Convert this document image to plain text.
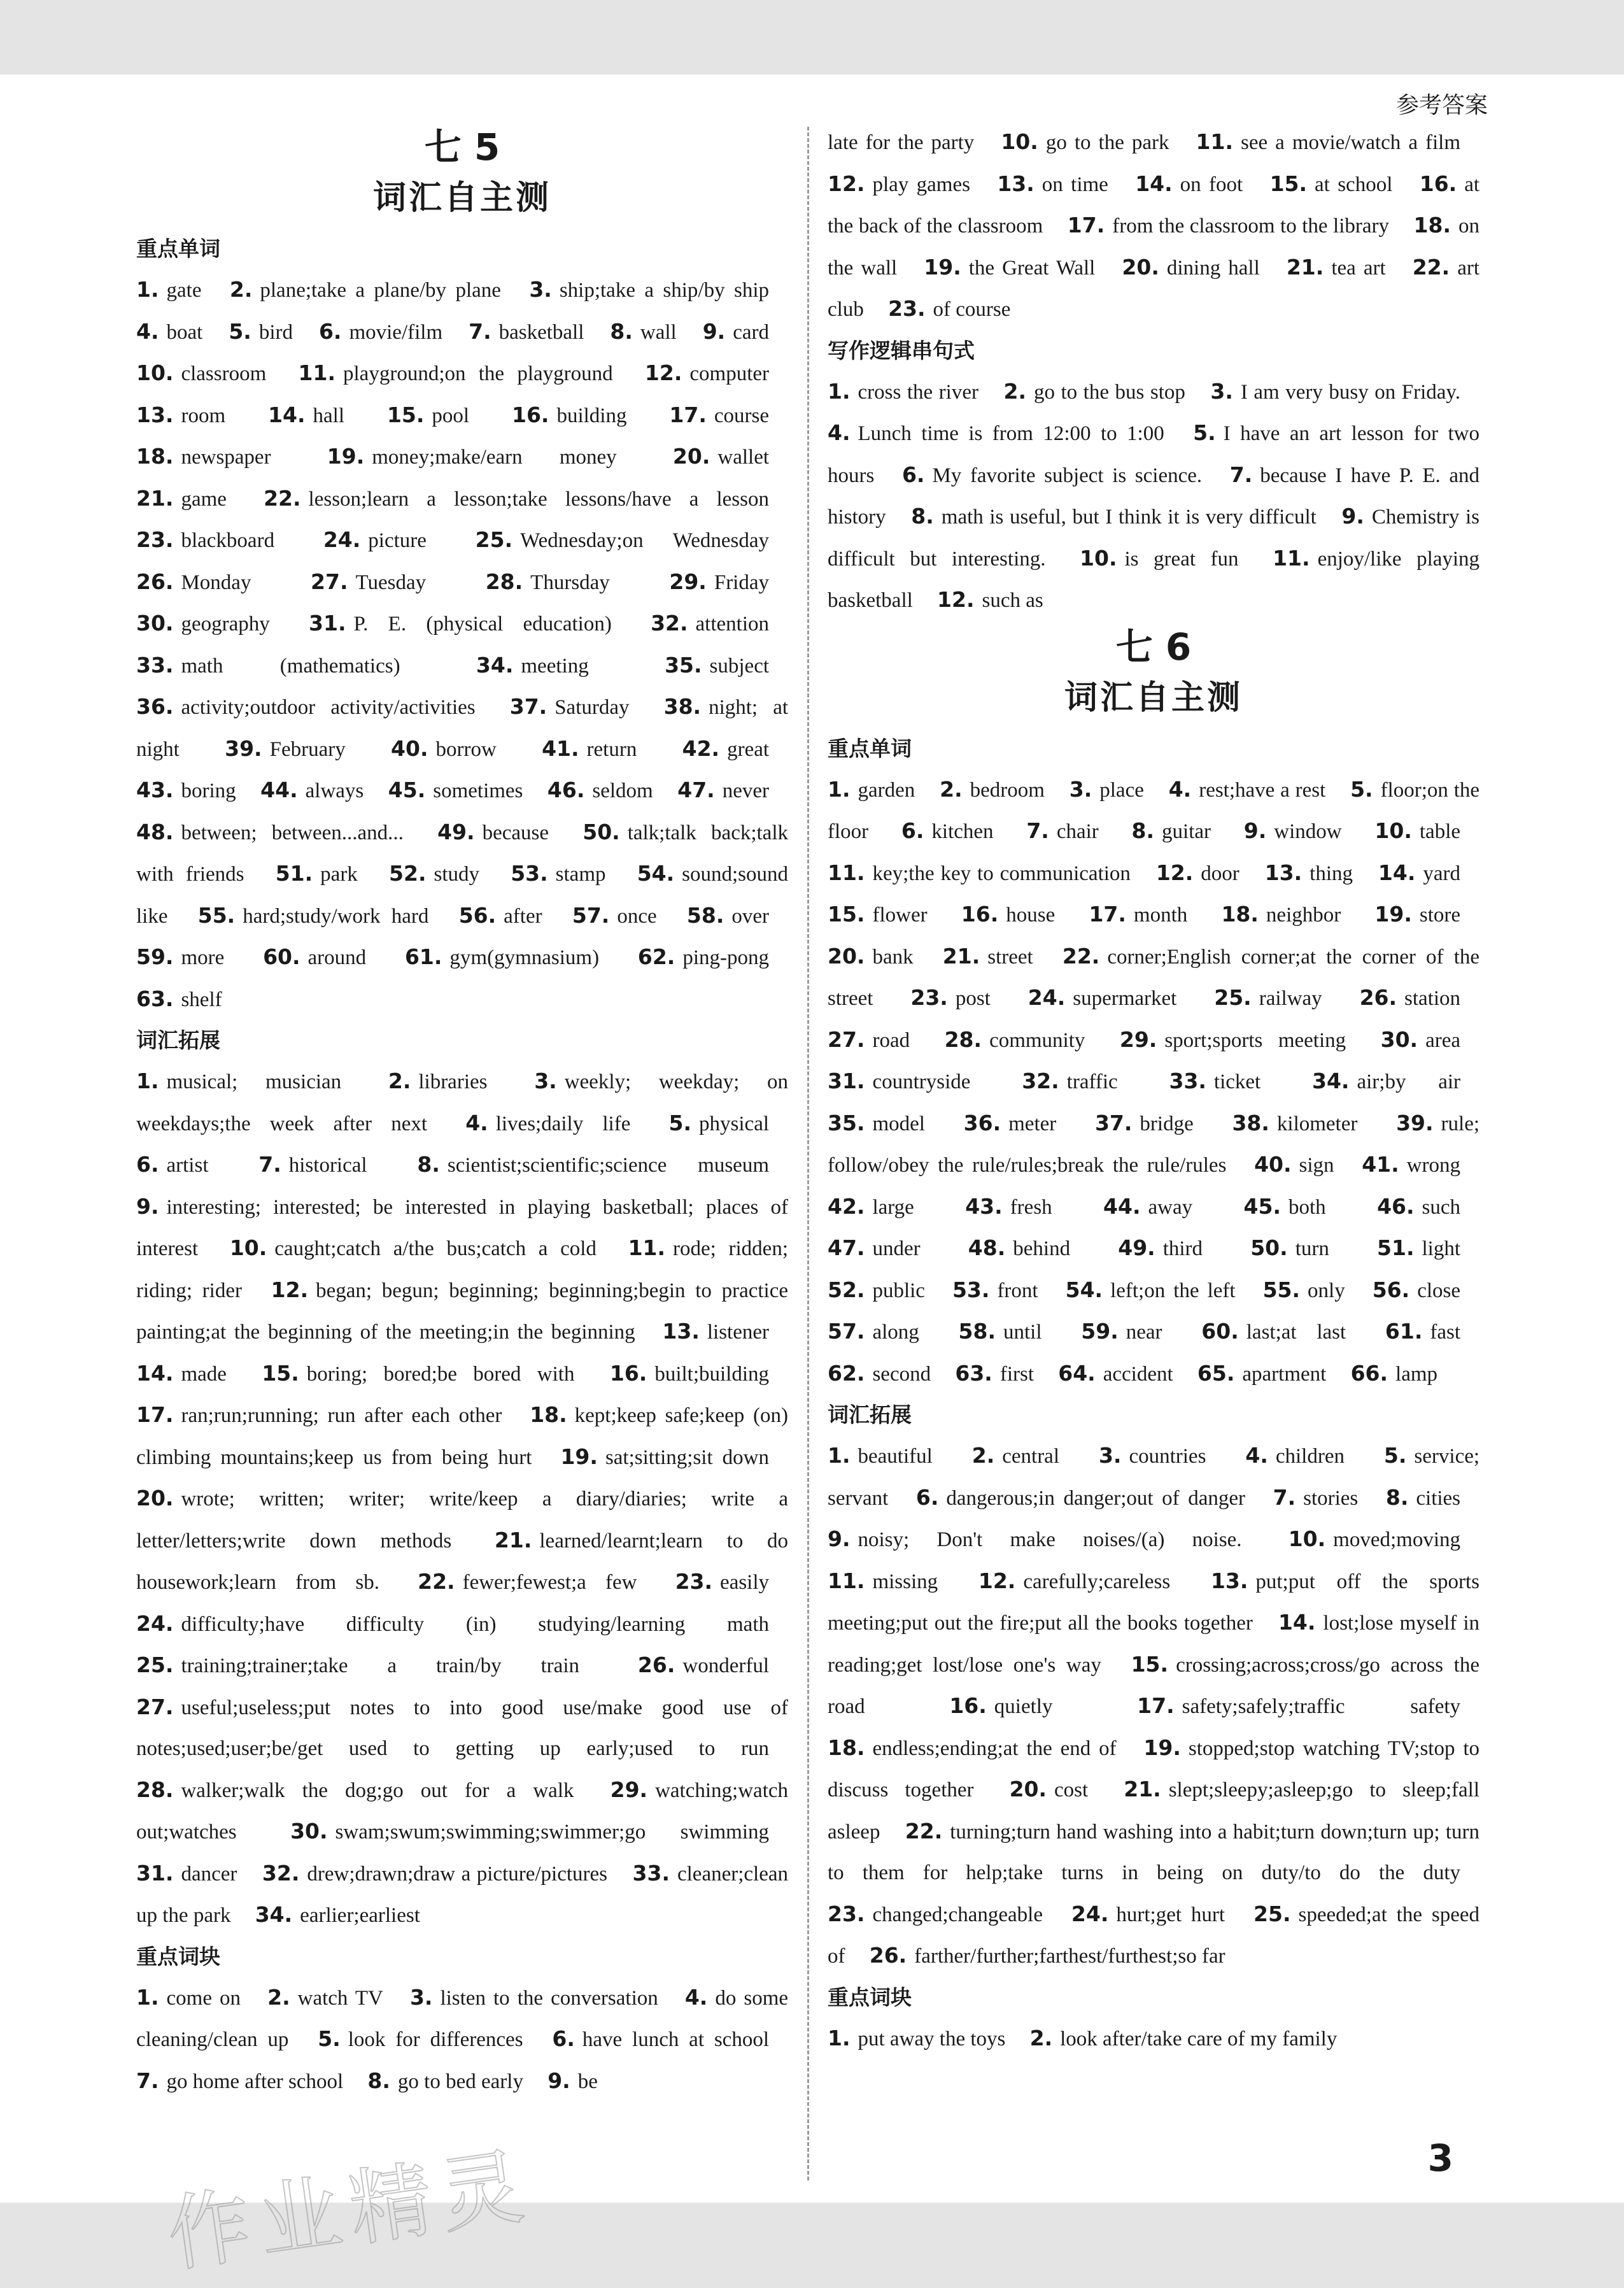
参考答案

七 5
词汇自主测
重点单词

1. gate 2. plane;take a plane/by plane 3. ship;take a ship/by ship 4. boat 5. bird 6. movie/film 7. basketball 8. wall 9. card 10. classroom 11. playground;on the playground 12. computer 13. room 14. hall 15. pool 16. building 17. course 18. newspaper	19. money;make/earn money	20. wallet 21. game 22. lesson;learn a lesson;take lessons/have a lesson 23. blackboard 24. picture 25. Wednesday;on Wednesday 26. Monday	27. Tuesday	28. Thursday	29. Friday 30. geography 31. P. E. (physical education) 32. attention 33. math (mathematics)	34. meeting	35. subject 36. activity;outdoor activity/activities 37. Saturday 38. night; at night 39. February 40. borrow 41. return 42. great 43. boring 44. always 45. sometimes 46. seldom 47. never 48. between; between...and... 49. because 50. talk;talk back;talk with friends 51. park 52. study 53. stamp 54. sound;sound like 55. hard;study/work hard 56. after 57. once 58. over 59. more 60. around 61. gym(gymnasium) 62. ping-pong 63. shelf

词汇拓展

1. musical; musician 2. libraries 3. weekly; weekday; on weekdays;the week after next 4. lives;daily life 5. physical 6. artist 7. historical 8. scientist;scientific;science museum 9. interesting; interested; be interested in playing basketball; places of interest 10. caught;catch a/the bus;catch a cold 11. rode; ridden; riding; rider 12. began; begun; beginning; beginning;begin to practice painting;at the beginning of the meeting;in the beginning 13. listener 14. made 15. boring; bored;be bored with 16. built;building 17. ran;run;running; run after each other 18. kept;keep safe;keep (on) climbing mountains;keep us from being hurt 19. sat;sitting;sit down 20. wrote; written; writer; write/keep a diary/diaries; write a letter/letters;write down methods 21. learned/learnt;learn to do housework;learn from sb. 22. fewer;fewest;a few 23. easily 24. difficulty;have difficulty (in) studying/learning math 25. training;trainer;take a train/by train	26. wonderful 27. useful;useless;put notes to into good use/make good use of notes;used;user;be/get used to getting up early;used to run 28. walker;walk the dog;go out for a walk 29. watching;watch out;watches	30. swam;swum;swimming;swimmer;go swimming 31. dancer 32. drew;drawn;draw a picture/pictures 33. cleaner;clean up the park 34. earlier;earliest

重点词块

1. come on 2. watch TV 3. listen to the conversation 4. do some cleaning/clean up 5. look for differences 6. have lunch at school 7. go home after school 8. go to bed early 9. be

late for the party 10. go to the park 11. see a movie/watch a film 12. play games 13. on time 14. on foot 15. at school 16. at the back of the classroom 17. from the classroom to the library 18. on the wall 19. the Great Wall 20. dining hall 21. tea art 22. art club 23. of course

写作逻辑串句式

1. cross the river 2. go to the bus stop 3. I am very busy on Friday. 4. Lunch time is from 12:00 to 1:00 5. I have an art lesson for two hours 6. My favorite subject is science. 7. because I have P. E. and history 8. math is useful, but I think it is very difficult 9. Chemistry is difficult but interesting. 10. is great fun 11. enjoy/like playing basketball 12. such as

七 6
词汇自主测
重点单词

1. garden 2. bedroom 3. place 4. rest;have a rest 5. floor;on the floor 6. kitchen 7. chair 8. guitar 9. window 10. table 11. key;the key to communication 12. door 13. thing 14. yard 15. flower 16. house 17. month 18. neighbor 19. store 20. bank 21. street 22. corner;English corner;at the corner of the street 23. post 24. supermarket 25. railway 26. station 27. road 28. community 29. sport;sports meeting 30. area 31. countryside 32. traffic 33. ticket 34. air;by air 35. model 36. meter 37. bridge 38. kilometer 39. rule; follow/obey the rule/rules;break the rule/rules 40. sign 41. wrong 42. large 43. fresh 44. away 45. both 46. such 47. under 48. behind 49. third 50. turn 51. light 52. public 53. front 54. left;on the left 55. only 56. close 57. along 58. until 59. near 60. last;at last 61. fast 62. second 63. first 64. accident 65. apartment 66. lamp

词汇拓展

1. beautiful 2. central 3. countries 4. children 5. service; servant 6. dangerous;in danger;out of danger 7. stories 8. cities 9. noisy; Don't make noises/(a) noise. 10. moved;moving 11. missing 12. carefully;careless 13. put;put off the sports meeting;put out the fire;put all the books together 14. lost;lose myself in reading;get lost/lose one's way 15. crossing;across;cross/go across the road	16. quietly	17. safety;safely;traffic safety 18. endless;ending;at the end of 19. stopped;stop watching TV;stop to discuss together 20. cost 21. slept;sleepy;asleep;go to sleep;fall asleep 22. turning;turn hand washing into a habit;turn down;turn up; turn to them for help;take turns in being on duty/to do the duty 23. changed;changeable 24. hurt;get hurt 25. speeded;at the speed of 26. farther/further;farthest/furthest;so far

重点词块

1. put away the toys 2. look after/take care of my family

作业精灵	3
